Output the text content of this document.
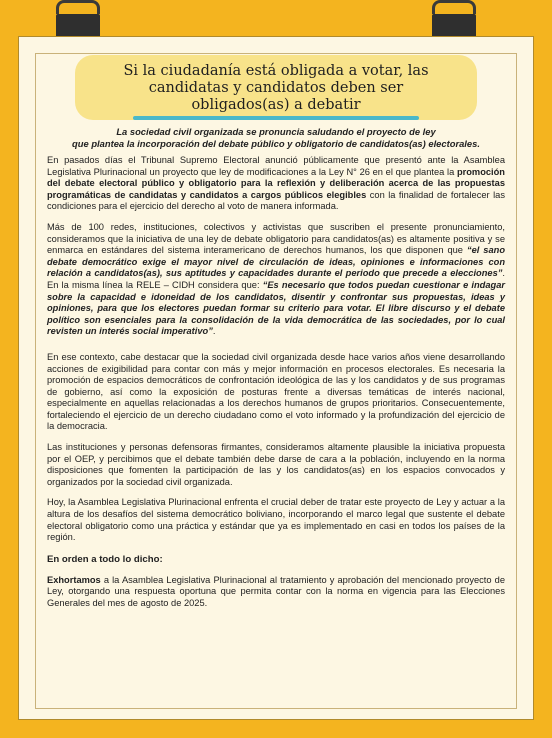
Si la ciudadanía está obligada a votar, las
candidatas y candidatos deben ser
obligados(as) a debatir
La sociedad civil organizada se pronuncia saludando el proyecto de ley
que plantea la incorporación del debate público y obligatorio de candidatos(as) electorales.

En pasados días el Tribunal Supremo Electoral anunció públicamente que presentó ante la Asamblea Legislativa Plurinacional un proyecto que ley de modificaciones a la Ley N° 26 en el que plantea la promoción del debate electoral público y obligatorio para la reflexión y deliberación acerca de las propuestas programáticas de candidatas y candidatos a cargos públicos elegibles con la finalidad de fortalecer las condiciones para el ejercicio del derecho al voto de manera informada.

Más de 100 redes, instituciones, colectivos y activistas que suscriben el presente pronunciamiento, consideramos que la iniciativa de una ley de debate obligatorio para candidatos(as) es altamente positiva y se enmarca en estándares del sistema interamericano de derechos humanos, los que disponen que “el sano debate democrático exige el mayor nivel de circulación de ideas, opiniones e informaciones con relación a candidatos(as), sus aptitudes y capacidades durante el periodo que precede a elecciones”. En la misma línea la RELE – CIDH considera que: “Es necesario que todos puedan cuestionar e indagar sobre la capacidad e idoneidad de los candidatos, disentir y confrontar sus propuestas, ideas y opiniones, para que los electores puedan formar su criterio para votar. El libre discurso y el debate político son esenciales para la consolidación de la vida democrática de las sociedades, por lo cual revisten un interés social imperativo”.

En ese contexto, cabe destacar que la sociedad civil organizada desde hace varios años viene desarrollando acciones de exigibilidad para contar con más y mejor información en procesos electorales. Es necesaria la promoción de espacios democráticos de confrontación ideológica de las y los candidatos y de sus programas de gobierno, así como la exposición de posturas frente a diversas temáticas de interés nacional, especialmente en aquellas relacionadas a los derechos humanos de grupos prioritarios. Consecuentemente, fortaleciendo el ejercicio de un derecho ciudadano como el voto informado y la profundización del ejercicio de la democracia.

Las instituciones y personas defensoras firmantes, consideramos altamente plausible la iniciativa propuesta por el OEP, y percibimos que el debate también debe darse de cara a la población, incluyendo en la norma disposiciones que fomenten la participación de las y los candidatos(as) en los espacios convocados y organizados por la sociedad civil organizada.

Hoy, la Asamblea Legislativa Plurinacional enfrenta el crucial deber de tratar este proyecto de Ley y actuar a la altura de los desafíos del sistema democrático boliviano, incorporando el marco legal que sustente el debate electoral obligatorio como una práctica y estándar que ya es implementado en casi en todos los países de la región.

En orden a todo lo dicho:

Exhortamos a la Asamblea Legislativa Plurinacional al tratamiento y aprobación del mencionado proyecto de Ley, otorgando una respuesta oportuna que permita contar con la norma en vigencia para las Elecciones Generales del mes de agosto de 2025.
